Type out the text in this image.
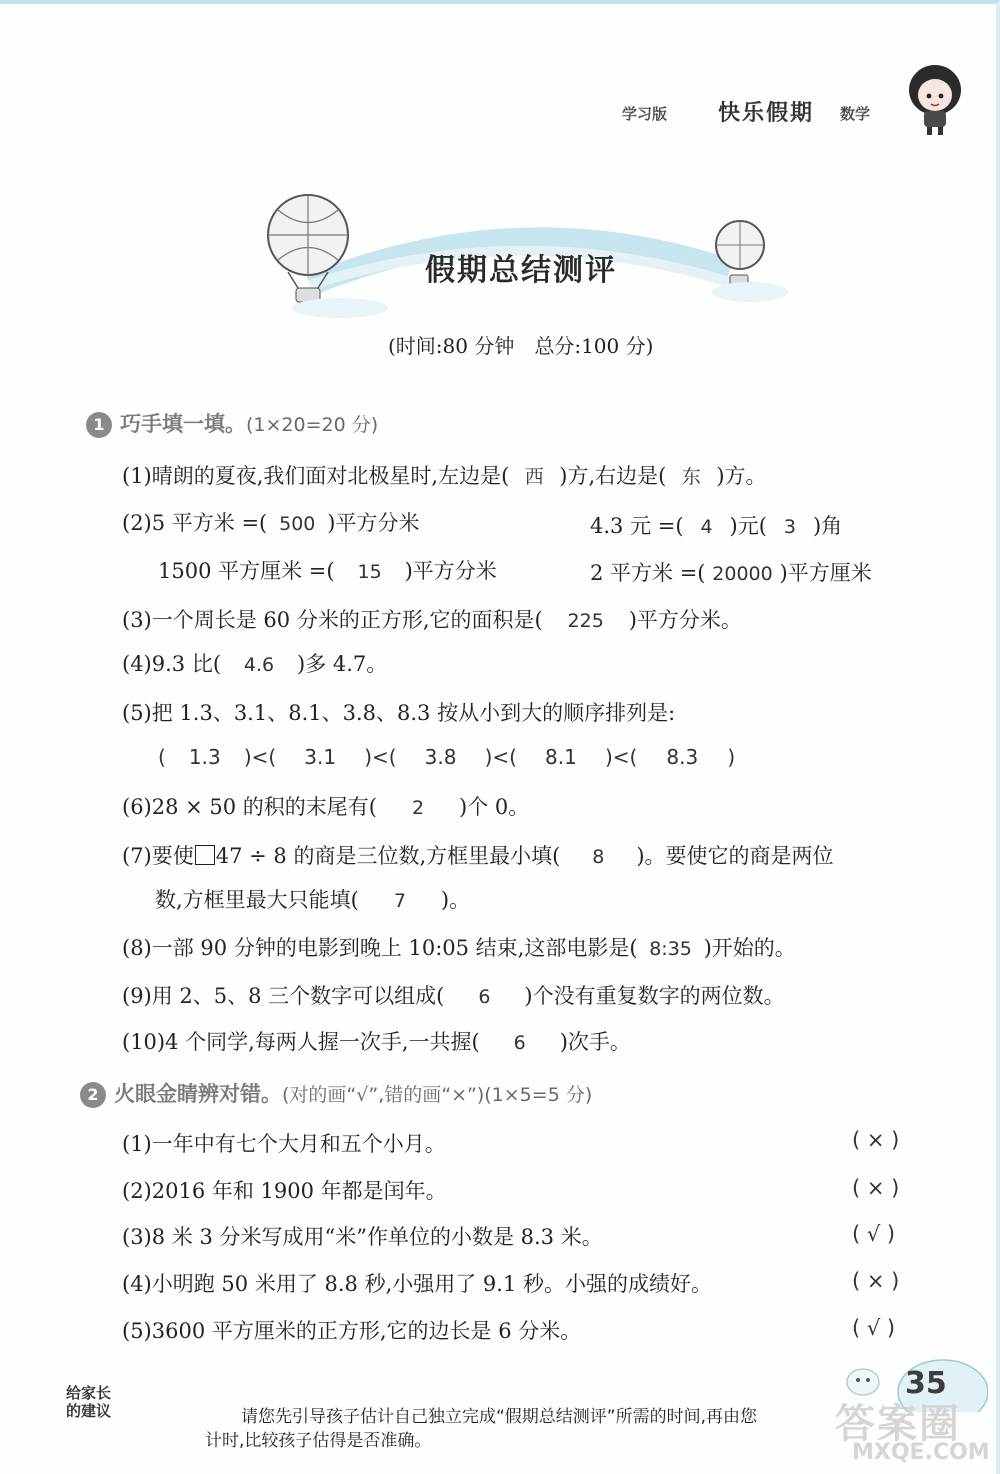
学习版 快乐假期 数学
假期总结测评
(时间:80 分钟　总分:100 分)
1 巧手填一填。(1×20=20 分)
(1)晴朗的夏夜,我们面对北极星时,左边是( 西 )方,右边是( 东 )方。
(2)5 平方米 =( 500 )平方分米	4.3 元 =( 4 )元( 3 )角
1500 平方厘米 =( 15 )平方分米	2 平方米 =( 20000 )平方厘米
(3)一个周长是 60 分米的正方形,它的面积是( 225 )平方分米。
(4)9.3 比( 4.6 )多 4.7。
(5)把 1.3、3.1、8.1、3.8、8.3 按从小到大的顺序排列是:
( 1.3 )<( 3.1 )<( 3.8 )<( 8.1 )<( 8.3 )
(6)28 × 50 的积的末尾有( 2 )个 0。
(7)要使 47 ÷ 8 的商是三位数,方框里最小填( 8 )。要使它的商是两位
数,方框里最大只能填( 7 )。
(8)一部 90 分钟的电影到晚上 10:05 结束,这部电影是( 8:35 )开始的。
(9)用 2、5、8 三个数字可以组成( 6 )个没有重复数字的两位数。
(10)4 个同学,每两人握一次手,一共握( 6 )次手。
2 火眼金睛辨对错。(对的画“√”,错的画“×”)(1×5=5 分)
(1)一年中有七个大月和五个小月。	( × )
(2)2016 年和 1900 年都是闰年。	( × )
(3)8 米 3 分米写成用“米”作单位的小数是 8.3 米。	( √ )
(4)小明跑 50 米用了 8.8 秒,小强用了 9.1 秒。小强的成绩好。	( × )
(5)3600 平方厘米的正方形,它的边长是 6 分米。	( √ )
给家长
的建议	请您先引导孩子估计自己独立完成“假期总结测评”所需的时间,再由您
计时,比较孩子估得是否准确。
35
答案圈
MXQE.COM
